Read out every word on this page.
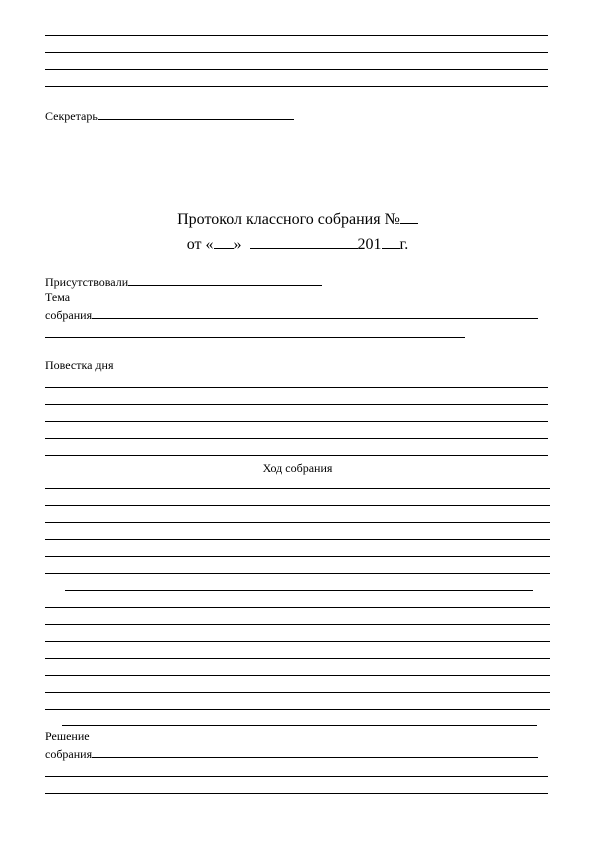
Секретарь
Протокол классного собрания №
от « »	201 г.
Присутствовали
Тема
собрания
Повестка дня
Ход собрания
Решение
собрания
